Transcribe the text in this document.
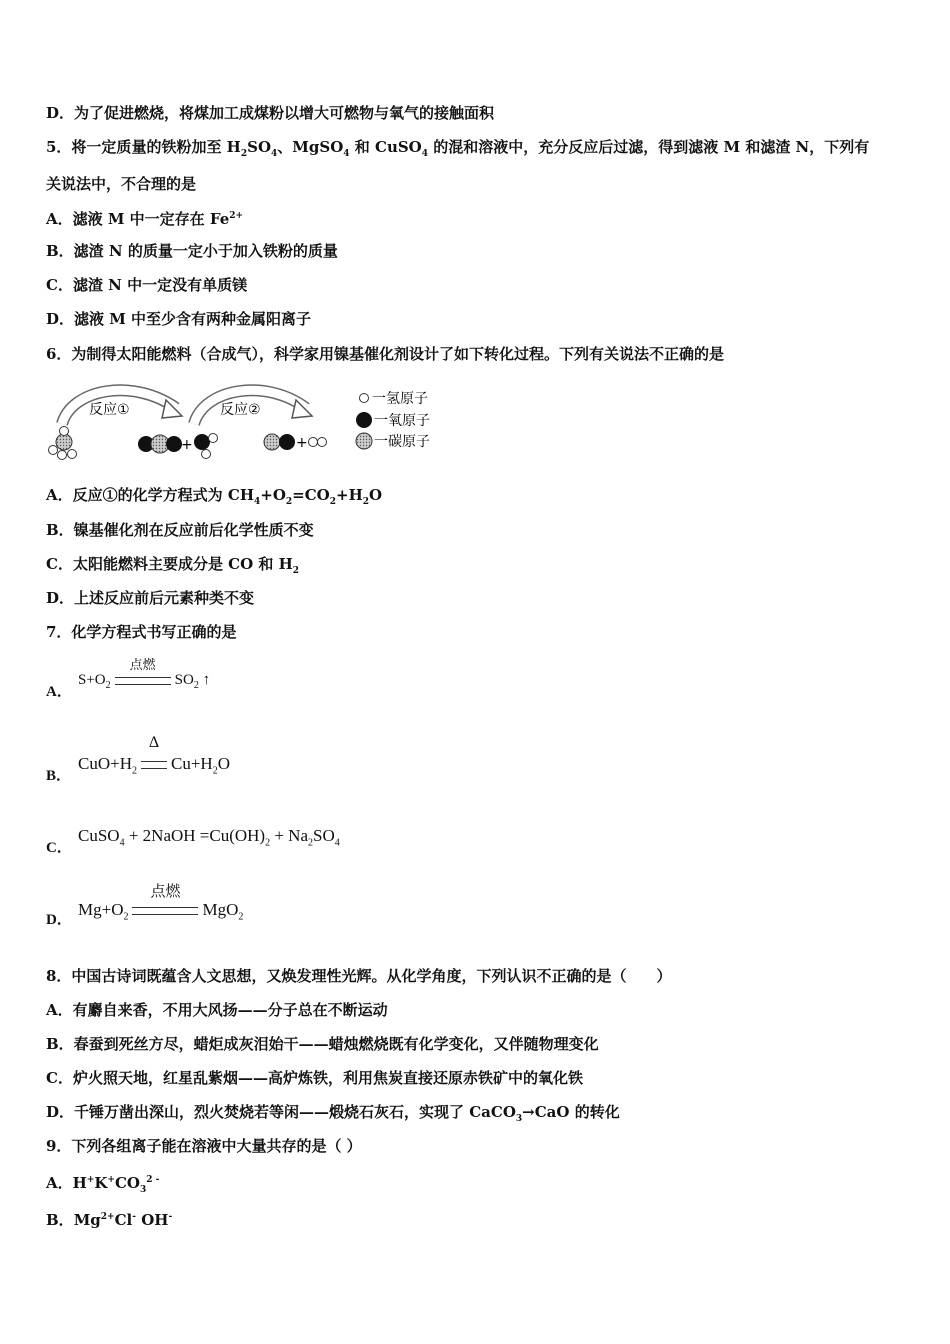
D．为了促进燃烧，将煤加工成煤粉以增大可燃物与氧气的接触面积
5．将一定质量的铁粉加至 $H_2SO_4$、MgSO$_4$ 和 CuSO$_4$ 的混和溶液中，充分反应后过滤，得到滤液 M 和滤渣 N，下列有
关说法中，不合理的是
A．滤液 M 中一定存在 $Fe^{2+}$
B．滤渣 N 的质量一定小于加入铁粉的质量
C．滤渣 N 中一定没有单质镁
D．滤液 M 中至少含有两种金属阳离子
6．为制得太阳能燃料（合成气），科学家用镍基催化剂设计了如下转化过程。下列有关说法不正确的是
反应①	反应②
+	+
一氢原子
一氧原子
一碳原子
A．反应①的化学方程式为 $CH_4+O_2=CO_2+H_2O$
B．镍基催化剂在反应前后化学性质不变
C．太阳能燃料主要成分是 CO 和 $H_2$
D．上述反应前后元素种类不变
7．化学方程式书写正确的是
A．
$S+O_2$
点燃
$SO_2$ ↑
B．
$CuO+H_2$
Δ
$Cu+H_2O$
C．
CuSO$_4$ + 2NaOH $=Cu(OH)_2 + Na_2SO_4$
D．
$Mg+O_2$
点燃
MgO$_2$
8．中国古诗词既蕴含人文思想，又焕发理性光辉。从化学角度，下列认识不正确的是（　　）
A．有麝自来香，不用大风扬——分子总在不断运动
B．春蚕到死丝方尽，蜡炬成灰泪始干——蜡烛燃烧既有化学变化，又伴随物理变化
C．炉火照天地，红星乱紫烟——高炉炼铁，利用焦炭直接还原赤铁矿中的氧化铁
D．千锤万凿出深山，烈火焚烧若等闲——煅烧石灰石，实现了 CaCO$_3$→CaO 的转化
9．下列各组离子能在溶液中大量共存的是（ ）
A．$H^+K^+CO_3^{2 -}$
B．$Mg^{2+}Cl^-$ OH-
